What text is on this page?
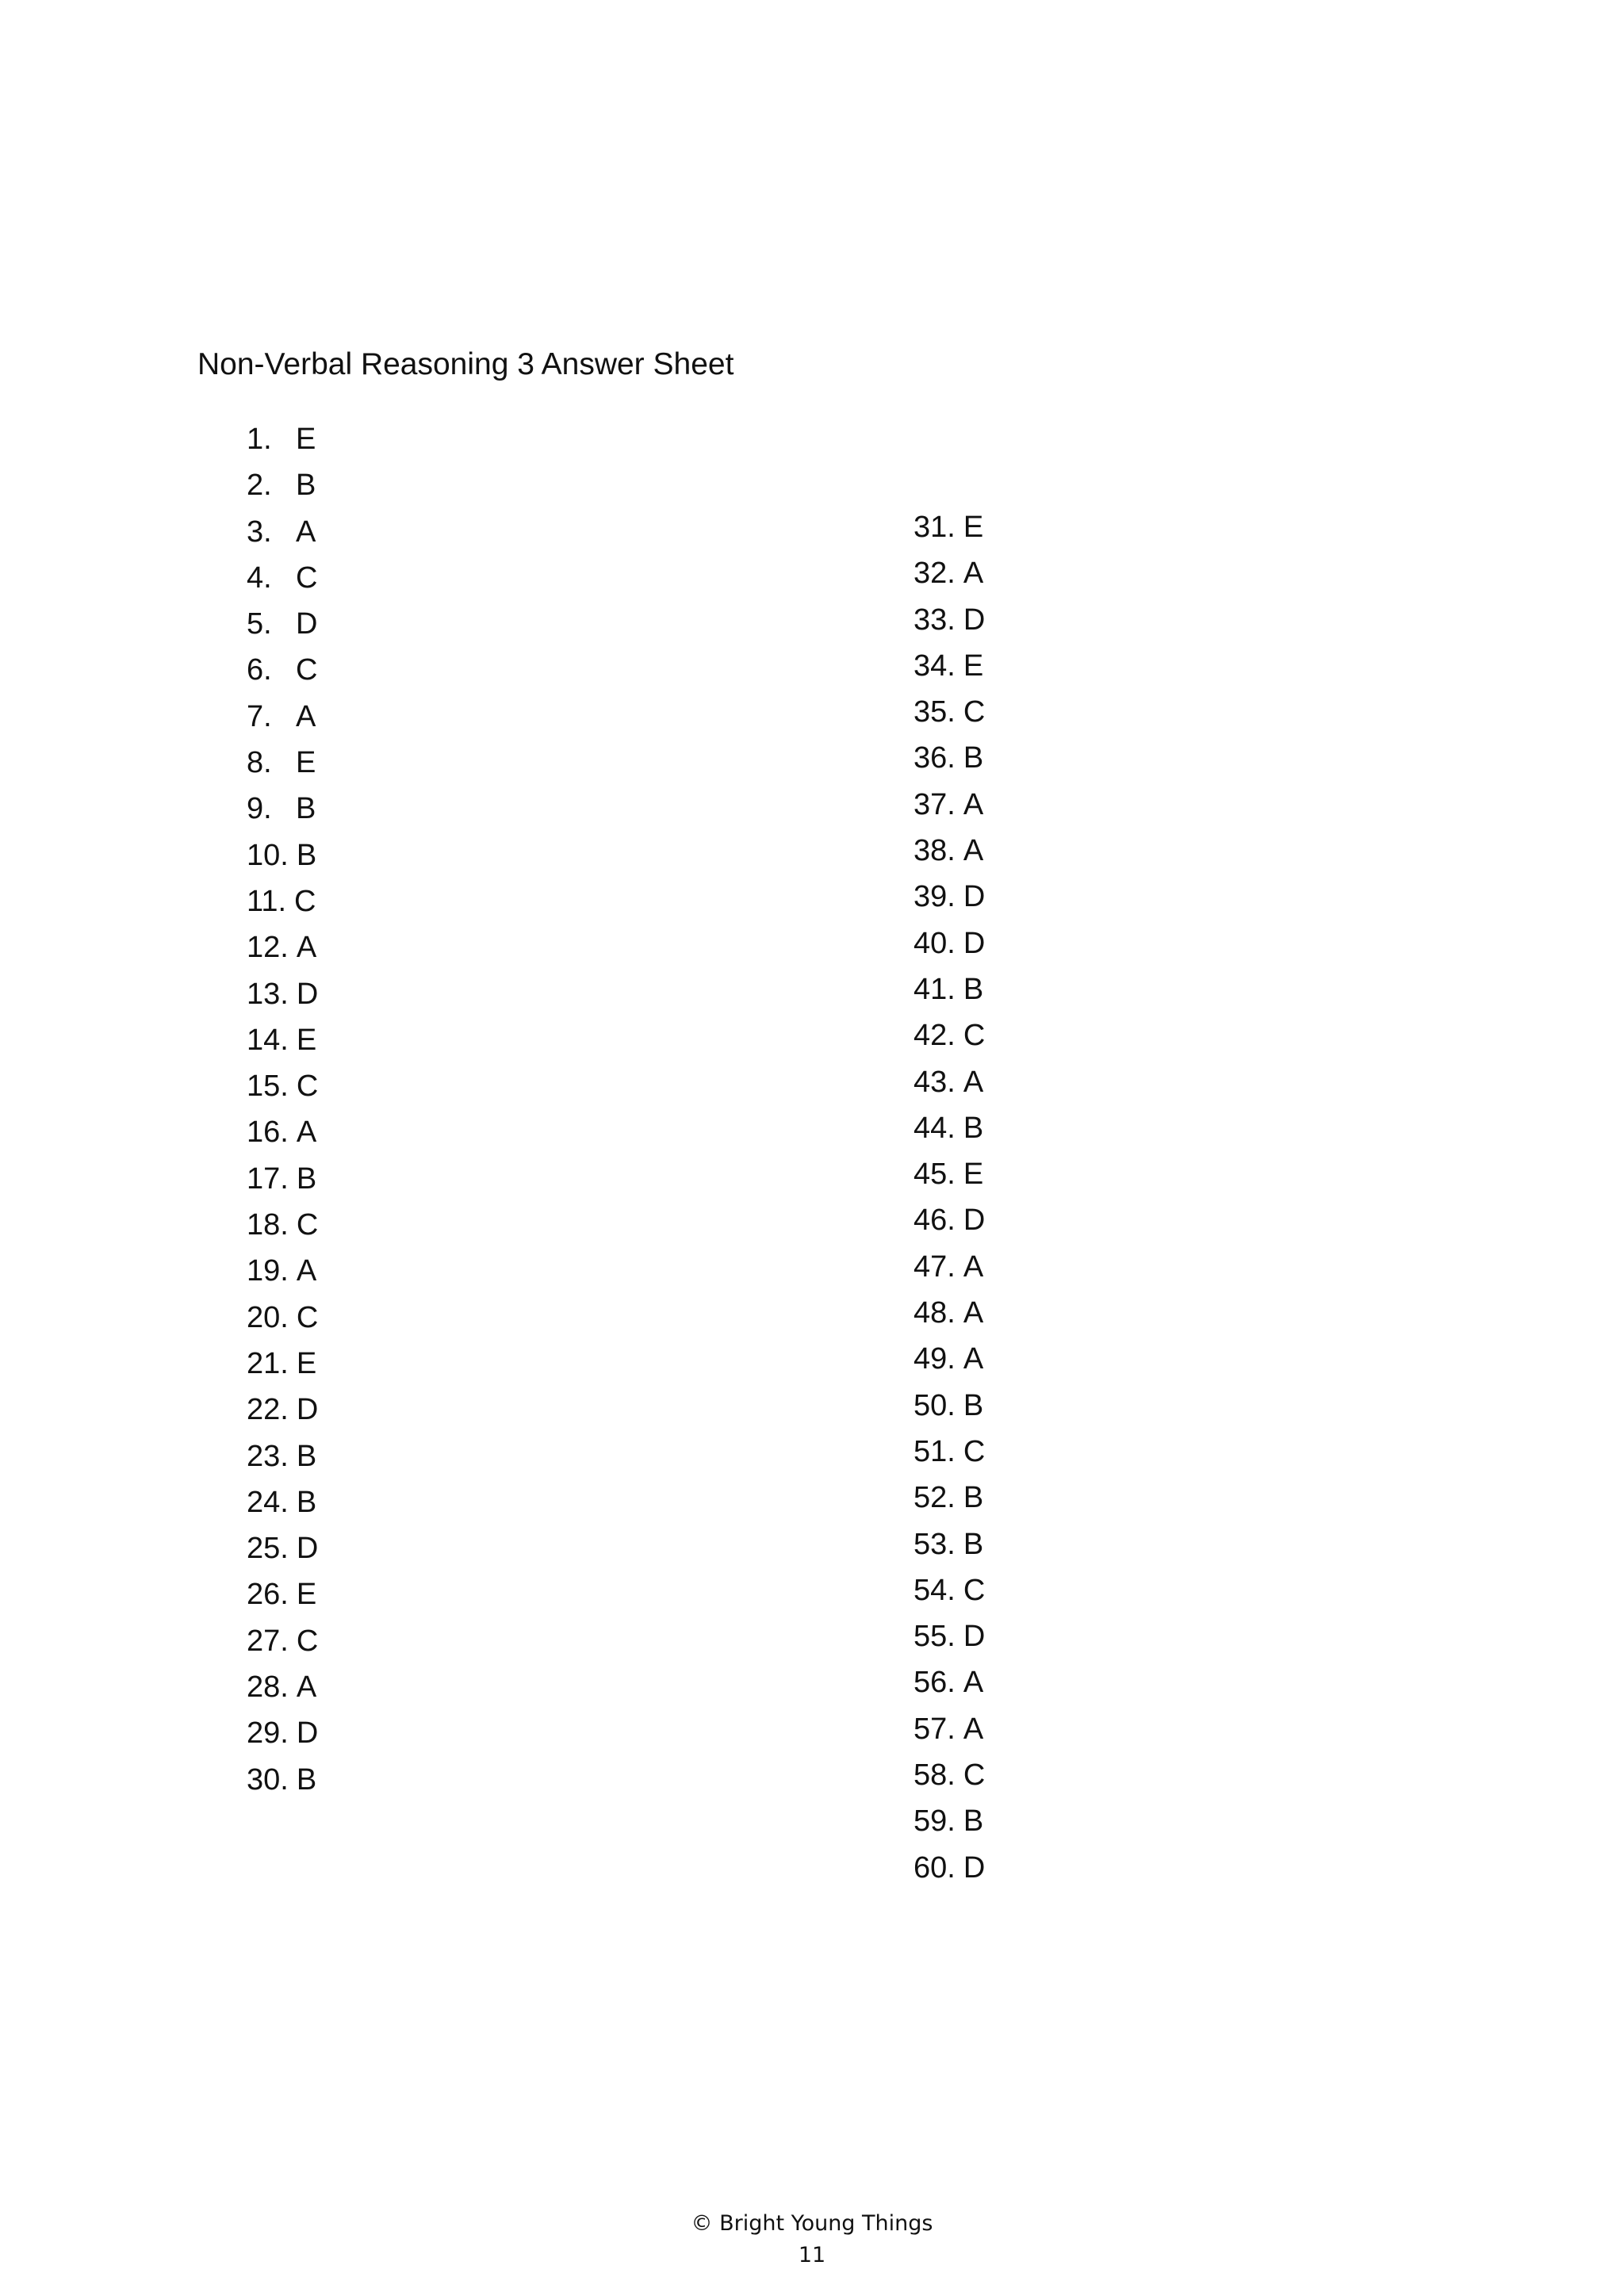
Non-Verbal Reasoning 3 Answer Sheet
1. E
2. B
3. A
4. C
5. D
6. C
7. A
8. E
9. B
10. B
11. C
12. A
13. D
14. E
15. C
16. A
17. B
18. C
19. A
20. C
21. E
22. D
23. B
24. B
25. D
26. E
27. C
28. A
29. D
30. B
31. E
32. A
33. D
34. E
35. C
36. B
37. A
38. A
39. D
40. D
41. B
42. C
43. A
44. B
45. E
46. D
47. A
48. A
49. A
50. B
51. C
52. B
53. B
54. C
55. D
56. A
57. A
58. C
59. B
60. D
© Bright Young Things
11
